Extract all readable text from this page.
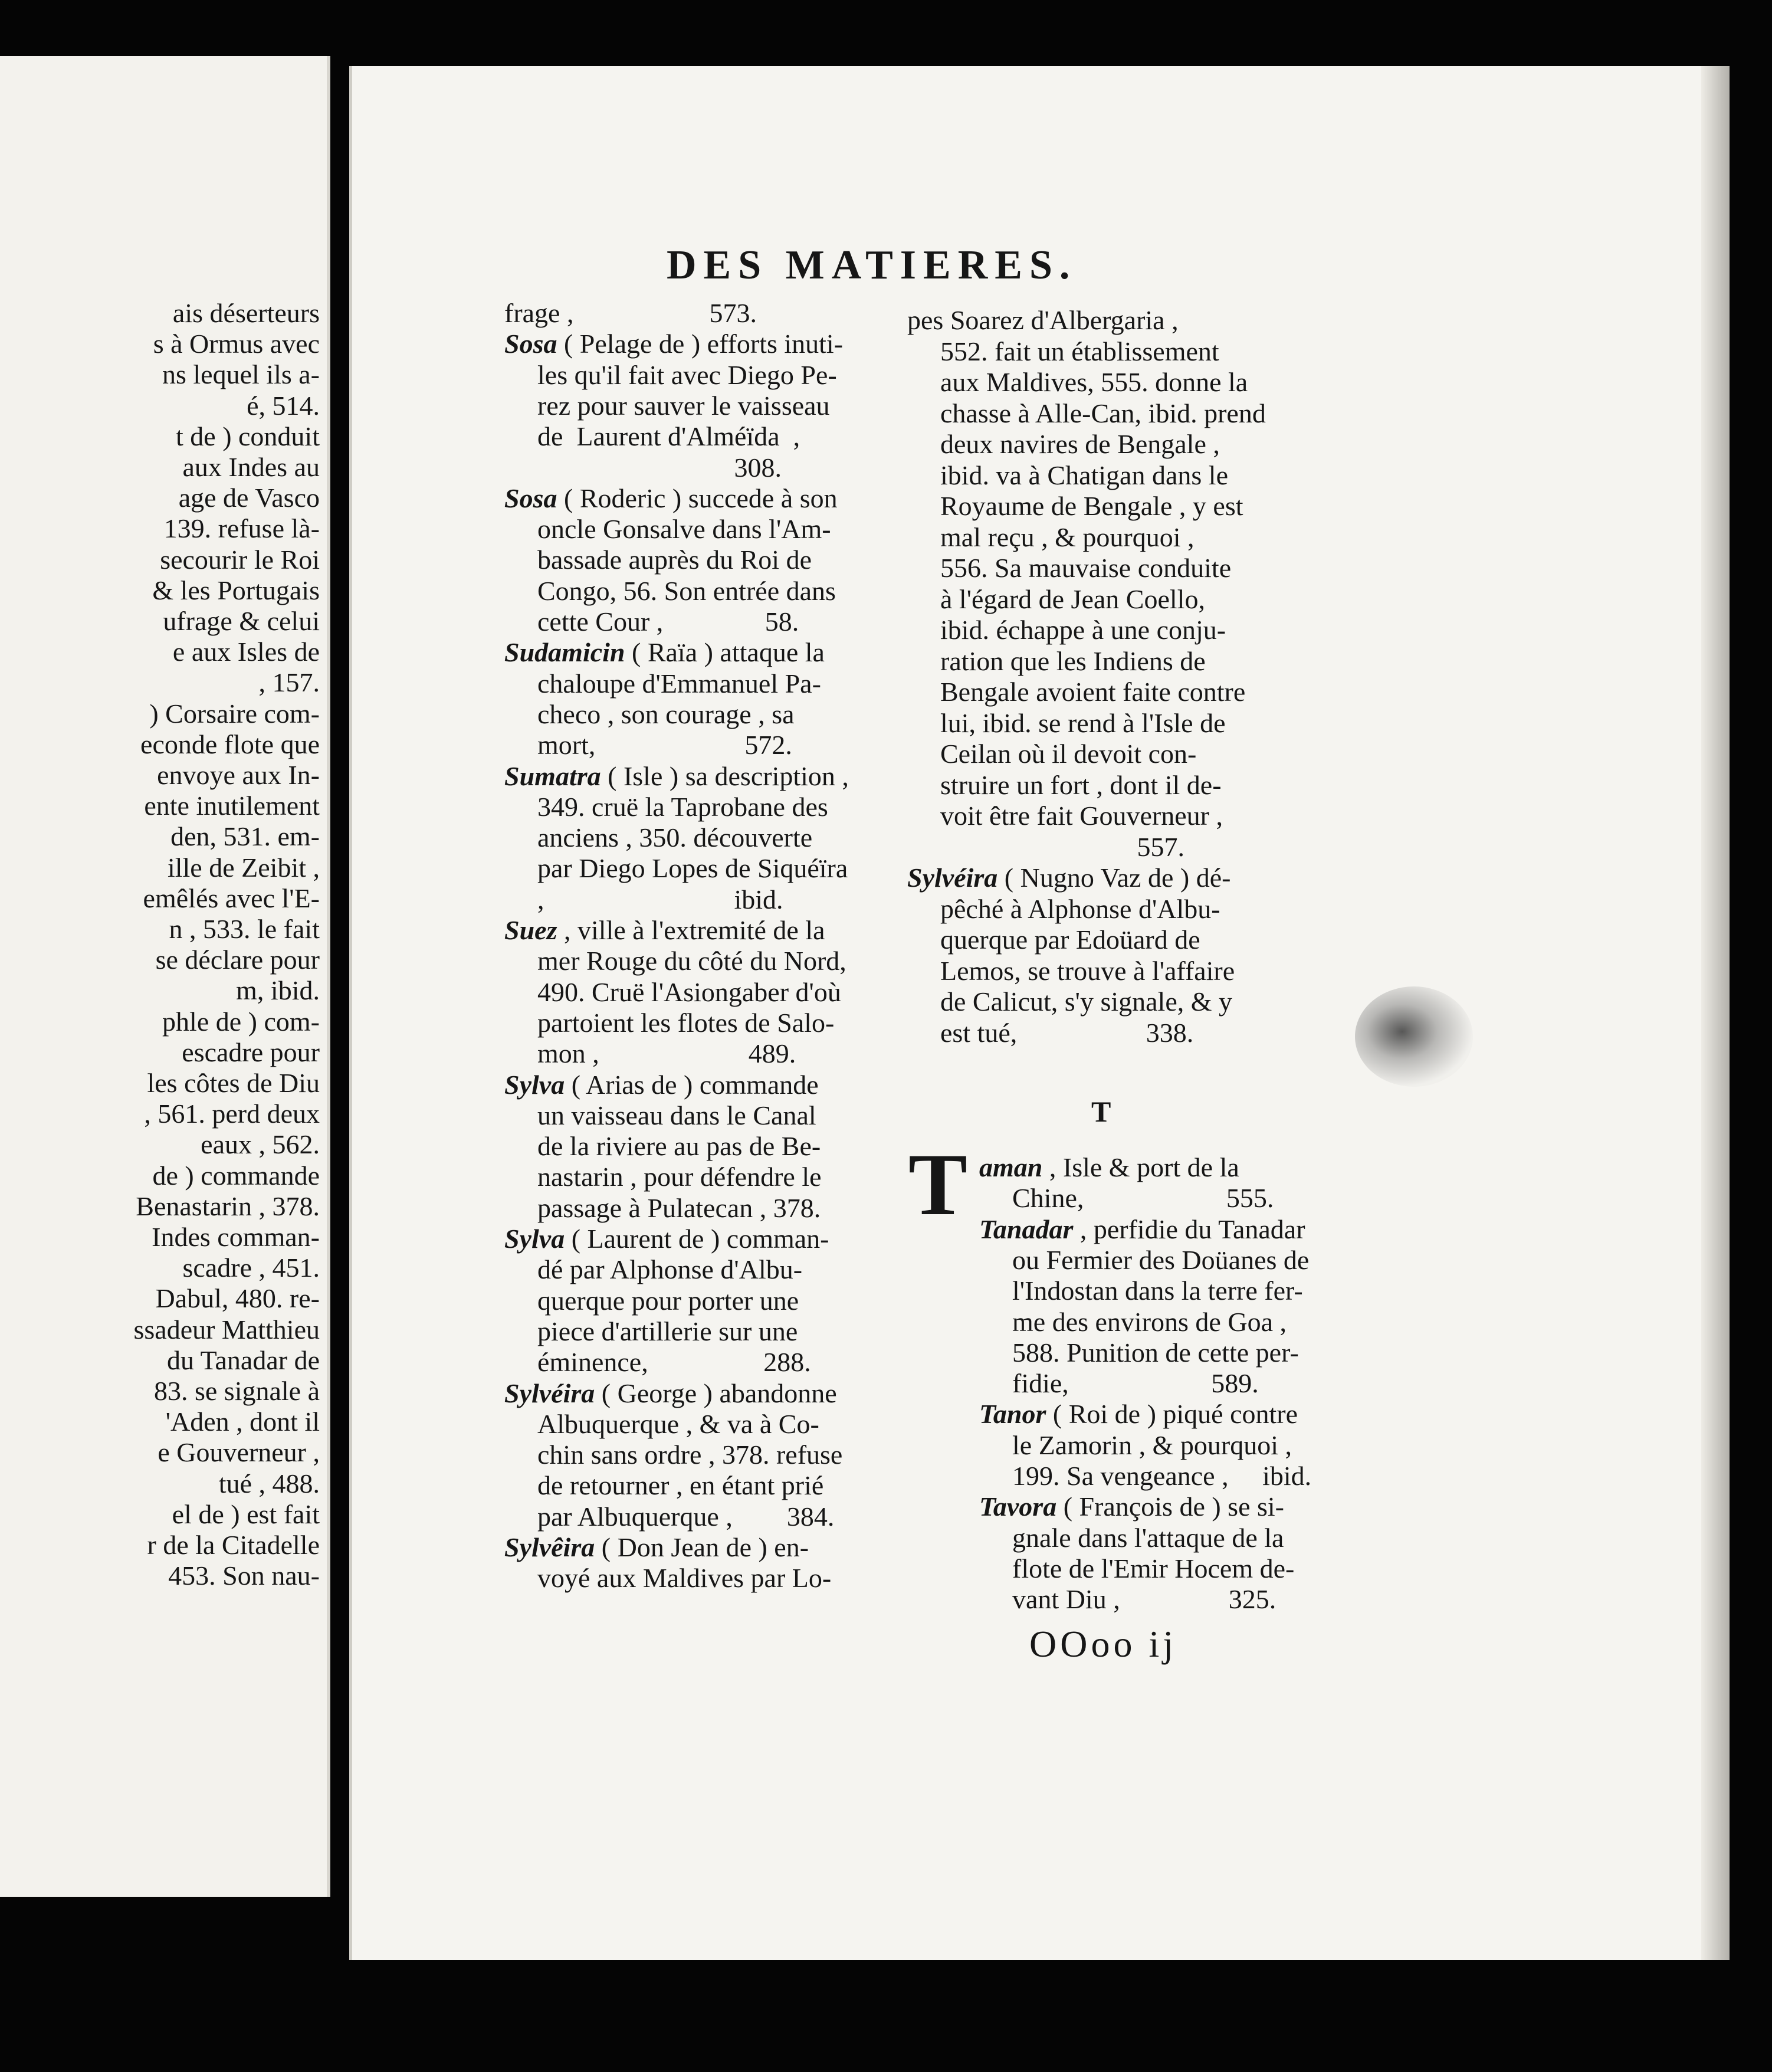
ais déserteurs
s à Ormus avec
ns lequel ils a-
é, 514.
t de ) conduit
aux Indes au
age de Vasco
139. refuse là-
secourir le Roi
& les Portugais
ufrage & celui
e aux Isles de
, 157.
) Corsaire com-
econde flote que
envoye aux In-
ente inutilement
den, 531. em-
ille de Zeibit ,
emêlés avec l'E-
n , 533. le fait
se déclare pour
m, ibid.
phle de ) com-
escadre pour
les côtes de Diu
, 561. perd deux
eaux , 562.
de ) commande
Benastarin , 378.
Indes comman-
scadre , 451.
Dabul, 480. re-
ssadeur Matthieu
du Tanadar de
83. se signale à
'Aden , dont il
e Gouverneur ,
tué , 488.
el de ) est fait
r de la Citadelle
453. Son nau-
DES MATIERES.
frage ,                    573.
Sosa ( Pelage de ) efforts inuti-
les qu'il fait avec Diego Pe-
rez pour sauver le vaisseau
de  Laurent d'Alméïda  ,
308.
Sosa ( Roderic ) succede à son
oncle Gonsalve dans l'Am-
bassade auprès du Roi de
Congo, 56. Son entrée dans
cette Cour ,               58.
Sudamicin ( Raïa ) attaque la
chaloupe d'Emmanuel Pa-
checo , son courage , sa
mort,                      572.
Sumatra ( Isle ) sa description ,
349. cruë la Taprobane des
anciens , 350. découverte
par Diego Lopes de Siquéïra
,                            ibid.
Suez , ville à l'extremité de la
mer Rouge du côté du Nord,
490. Cruë l'Asiongaber d'où
partoient les flotes de Salo-
mon ,                      489.
Sylva ( Arias de ) commande
un vaisseau dans le Canal
de la riviere au pas de Be-
nastarin , pour défendre le
passage à Pulatecan , 378.
Sylva ( Laurent de ) comman-
dé par Alphonse d'Albu-
querque pour porter une
piece d'artillerie sur une
éminence,                 288.
Sylvéira ( George ) abandonne
Albuquerque , & va à Co-
chin sans ordre , 378. refuse
de retourner , en étant prié
par Albuquerque ,        384.
Sylvêira ( Don Jean de ) en-
voyé aux Maldives par Lo-
pes Soarez d'Albergaria ,
552. fait un établissement
aux Maldives, 555. donne la
chasse à Alle-Can, ibid. prend
deux navires de Bengale ,
ibid. va à Chatigan dans le
Royaume de Bengale , y est
mal reçu , & pourquoi ,
556. Sa mauvaise conduite
à l'égard de Jean Coello,
ibid. échappe à une conju-
ration que les Indiens de
Bengale avoient faite contre
lui, ibid. se rend à l'Isle de
Ceilan où il devoit con-
struire un fort , dont il de-
voit être fait Gouverneur ,
557.
Sylvéira ( Nugno Vaz de ) dé-
pêché à Alphonse d'Albu-
querque par Edoüard de
Lemos, se trouve à l'affaire
de Calicut, s'y signale, & y
est tué,                   338.
T
T aman , Isle & port de la
Chine,                     555.
Tanadar , perfidie du Tanadar
ou Fermier des Doüanes de
l'Indostan dans la terre fer-
me des environs de Goa ,
588. Punition de cette per-
fidie,                     589.
Tanor ( Roi de ) piqué contre
le Zamorin , & pourquoi ,
199. Sa vengeance ,     ibid.
Tavora ( François de ) se si-
gnale dans l'attaque de la
flote de l'Emir Hocem de-
vant Diu ,                325.
OOoo ij
